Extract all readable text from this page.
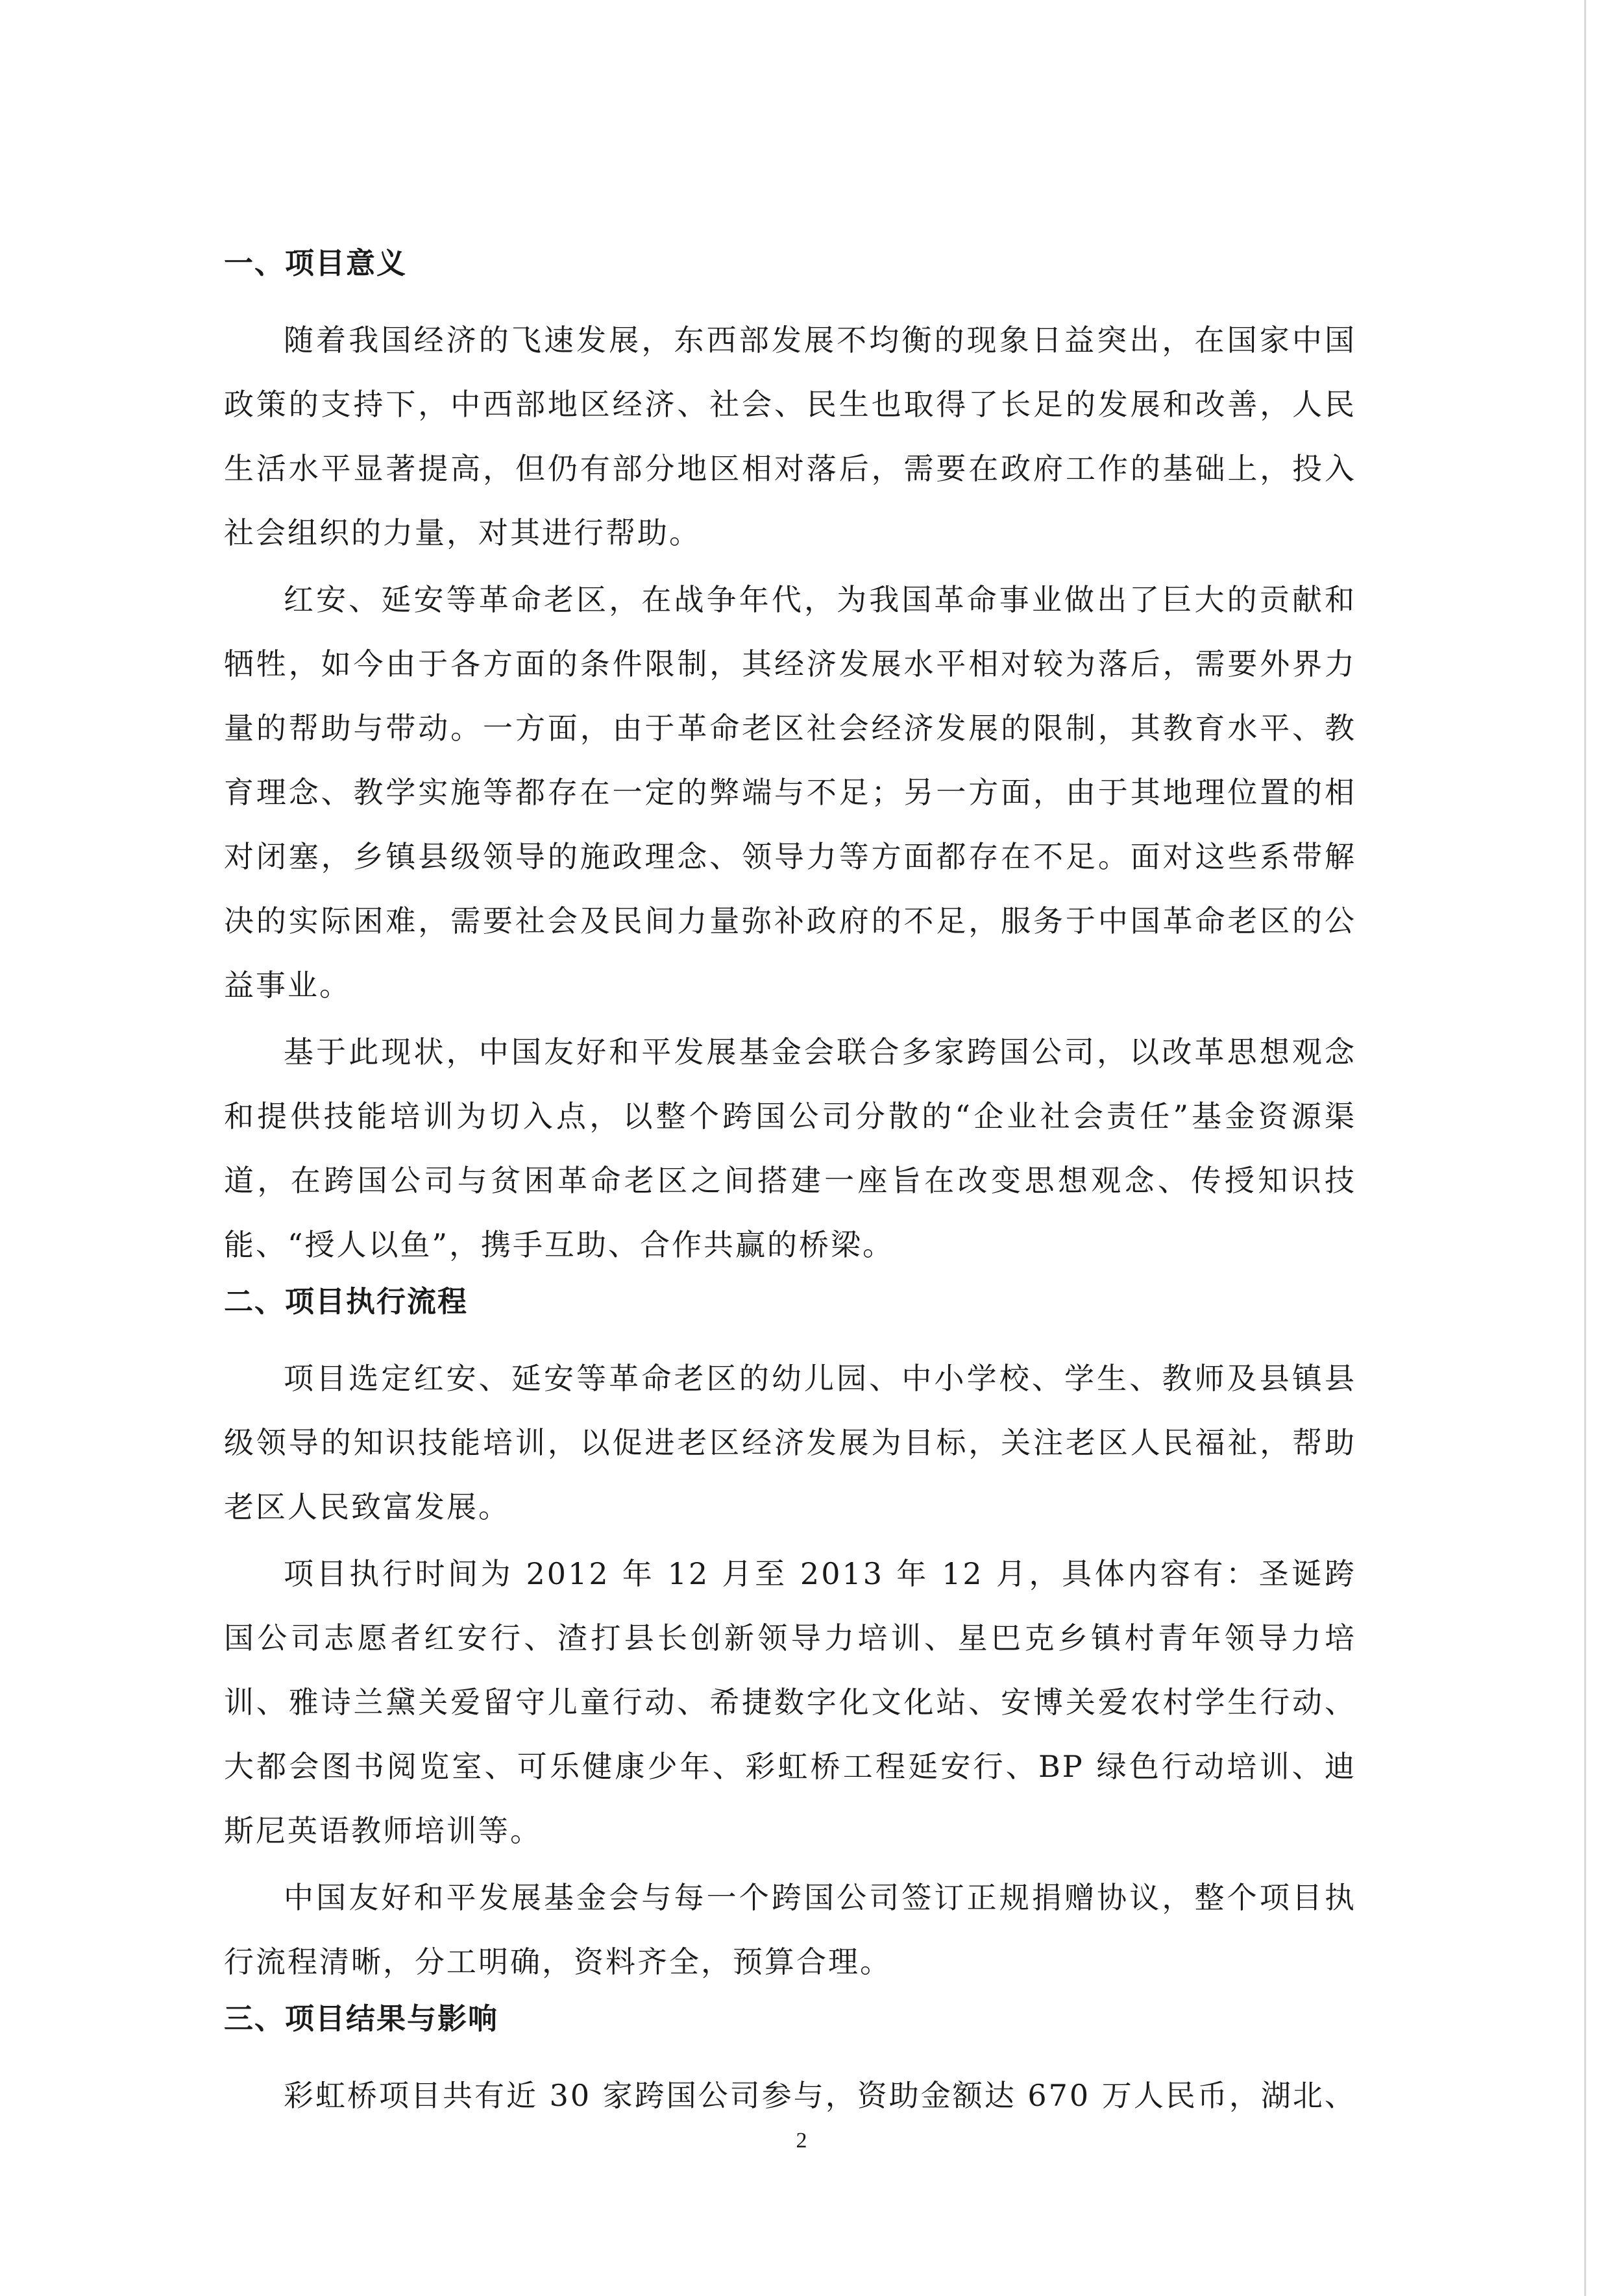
一、项目意义

随着我国经济的飞速发展，东西部发展不均衡的现象日益突出，在国家中国政策的支持下，中西部地区经济、社会、民生也取得了长足的发展和改善，人民生活水平显著提高，但仍有部分地区相对落后，需要在政府工作的基础上，投入社会组织的力量，对其进行帮助。

红安、延安等革命老区，在战争年代，为我国革命事业做出了巨大的贡献和牺牲，如今由于各方面的条件限制，其经济发展水平相对较为落后，需要外界力量的帮助与带动。一方面，由于革命老区社会经济发展的限制，其教育水平、教育理念、教学实施等都存在一定的弊端与不足；另一方面，由于其地理位置的相对闭塞，乡镇县级领导的施政理念、领导力等方面都存在不足。面对这些系带解决的实际困难，需要社会及民间力量弥补政府的不足，服务于中国革命老区的公益事业。

基于此现状，中国友好和平发展基金会联合多家跨国公司，以改革思想观念和提供技能培训为切入点，以整个跨国公司分散的“企业社会责任”基金资源渠道，在跨国公司与贫困革命老区之间搭建一座旨在改变思想观念、传授知识技能、“授人以鱼”，携手互助、合作共赢的桥梁。

二、项目执行流程

项目选定红安、延安等革命老区的幼儿园、中小学校、学生、教师及县镇县级领导的知识技能培训，以促进老区经济发展为目标，关注老区人民福祉，帮助老区人民致富发展。

项目执行时间为 2012 年 12 月至 2013 年 12 月，具体内容有：圣诞跨国公司志愿者红安行、渣打县长创新领导力培训、星巴克乡镇村青年领导力培训、雅诗兰黛关爱留守儿童行动、希捷数字化文化站、安博关爱农村学生行动、大都会图书阅览室、可乐健康少年、彩虹桥工程延安行、BP 绿色行动培训、迪斯尼英语教师培训等。

中国友好和平发展基金会与每一个跨国公司签订正规捐赠协议，整个项目执行流程清晰，分工明确，资料齐全，预算合理。

三、项目结果与影响

彩虹桥项目共有近 30 家跨国公司参与，资助金额达 670 万人民币，湖北、

2
